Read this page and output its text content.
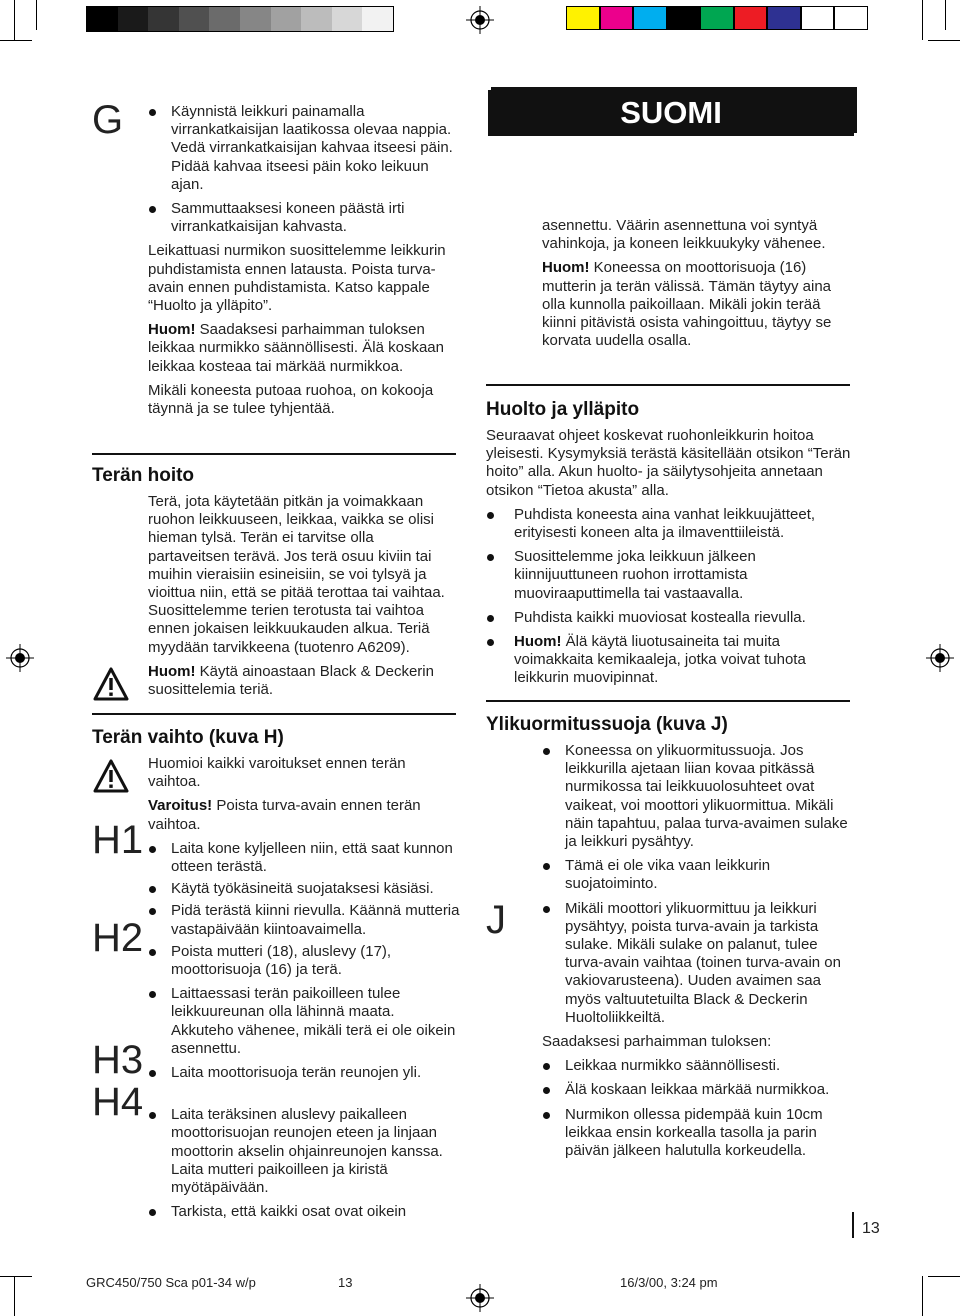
SUOMI
G	Käynnistä leikkuri painamalla virrankatkaisijan laatikossa olevaa nappia. Vedä virrankatkaisijan kahvaa itseesi päin. Pidää kahvaa itseesi päin koko leikuun ajan.
Sammuttaaksesi koneen päästä irti virrankatkaisijan kahvasta.
Leikattuasi nurmikon suosittelemme leikkurin puhdistamista ennen latausta. Poista turva-avain ennen puhdistamista. Katso kappale “Huolto ja ylläpito”.
Huom! Saadaksesi parhaimman tuloksen leikkaa nurmikko säännöllisesti. Älä koskaan leikkaa kosteaa tai märkää nurmikkoa.
Mikäli koneesta putoaa ruohoa, on kokooja täynnä ja se tulee tyhjentää.
Terän hoito
Terä, jota käytetään pitkän ja voimakkaan ruohon leikkuuseen, leikkaa, vaikka se olisi hieman tylsä. Terän ei tarvitse olla partaveitsen terävä. Jos terä osuu kiviin tai muihin vieraisiin esineisiin, se voi tylsyä ja vioittua niin, että se pitää terottaa tai vaihtaa. Suosittelemme terien terotusta tai vaihtoa ennen jokaisen leikkuukauden alkua. Teriä myydään tarvikkeena (tuotenro A6209).
Huom! Käytä ainoastaan Black & Deckerin suosittelemia teriä.
Terän vaihto (kuva H)
Huomioi kaikki varoitukset ennen terän vaihtoa.
Varoitus! Poista turva-avain ennen terän vaihtoa.
Laita kone kyljelleen niin, että saat kunnon otteen terästä.
Käytä työkäsineitä suojataksesi käsiäsi.
Pidä terästä kiinni rievulla. Käännä mutteria vastapäivään kiintoavaimella.
Poista mutteri (18), aluslevy (17), moottorisuoja (16) ja terä.
Laittaessasi terän paikoilleen tulee leikkuureunan olla lähinnä maata. Akkuteho vähenee, mikäli terä ei ole oikein asennettu.
Laita moottorisuoja terän reunojen yli.
Laita teräksinen aluslevy paikalleen moottorisuojan reunojen eteen ja linjaan moottorin akselin ohjainreunojen kanssa. Laita mutteri paikoilleen ja kiristä myötäpäivään.
Tarkista, että kaikki osat ovat oikein
H1
H2
H3
H4
asennettu. Väärin asennettuna voi syntyä vahinkoja, ja koneen leikkuukyky vähenee.
Huom! Koneessa on moottorisuoja (16) mutterin ja terän välissä. Tämän täytyy aina olla kunnolla paikoillaan. Mikäli jokin terää kiinni pitävistä osista vahingoittuu, täytyy se korvata uudella osalla.
Huolto ja ylläpito
Seuraavat ohjeet koskevat ruohonleikkurin hoitoa yleisesti. Kysymyksiä terästä käsitellään otsikon “Terän hoito” alla. Akun huolto- ja säilytysohjeita annetaan otsikon “Tietoa akusta” alla.
Puhdista koneesta aina vanhat leikkuujätteet, erityisesti koneen alta ja ilmaventtiileistä.
Suosittelemme joka leikkuun jälkeen kiinnijuuttuneen ruohon irrottamista muoviraaputtimella tai vastaavalla.
Puhdista kaikki muoviosat kostealla rievulla.
Huom! Älä käytä liuotusaineita tai muita voimakkaita kemikaaleja, jotka voivat tuhota leikkurin muovipinnat.
Ylikuormitussuoja (kuva J)
J
Koneessa on ylikuormitussuoja. Jos leikkurilla ajetaan liian kovaa pitkässä nurmikossa tai leikkuuolosuhteet ovat vaikeat, voi moottori ylikuormittua. Mikäli näin tapahtuu, palaa turva-avaimen sulake ja leikkuri pysähtyy.
Tämä ei ole vika vaan leikkurin suojatoiminto.
Mikäli moottori ylikuormittuu ja leikkuri pysähtyy, poista turva-avain ja tarkista sulake. Mikäli sulake on palanut, tulee turva-avain vaihtaa (toinen turva-avain on vakiovarusteena). Uuden avaimen saa myös valtuutetuilta Black & Deckerin Huoltoliikkeiltä.
Saadaksesi parhaimman tuloksen:
Leikkaa nurmikko säännöllisesti.
Älä koskaan leikkaa märkää nurmikkoa.
Nurmikon ollessa pidempää kuin 10cm leikkaa ensin korkealla tasolla ja parin päivän jälkeen halutulla korkeudella.
13
GRC450/750 Sca p01-34 w/p	13	16/3/00, 3:24 pm
